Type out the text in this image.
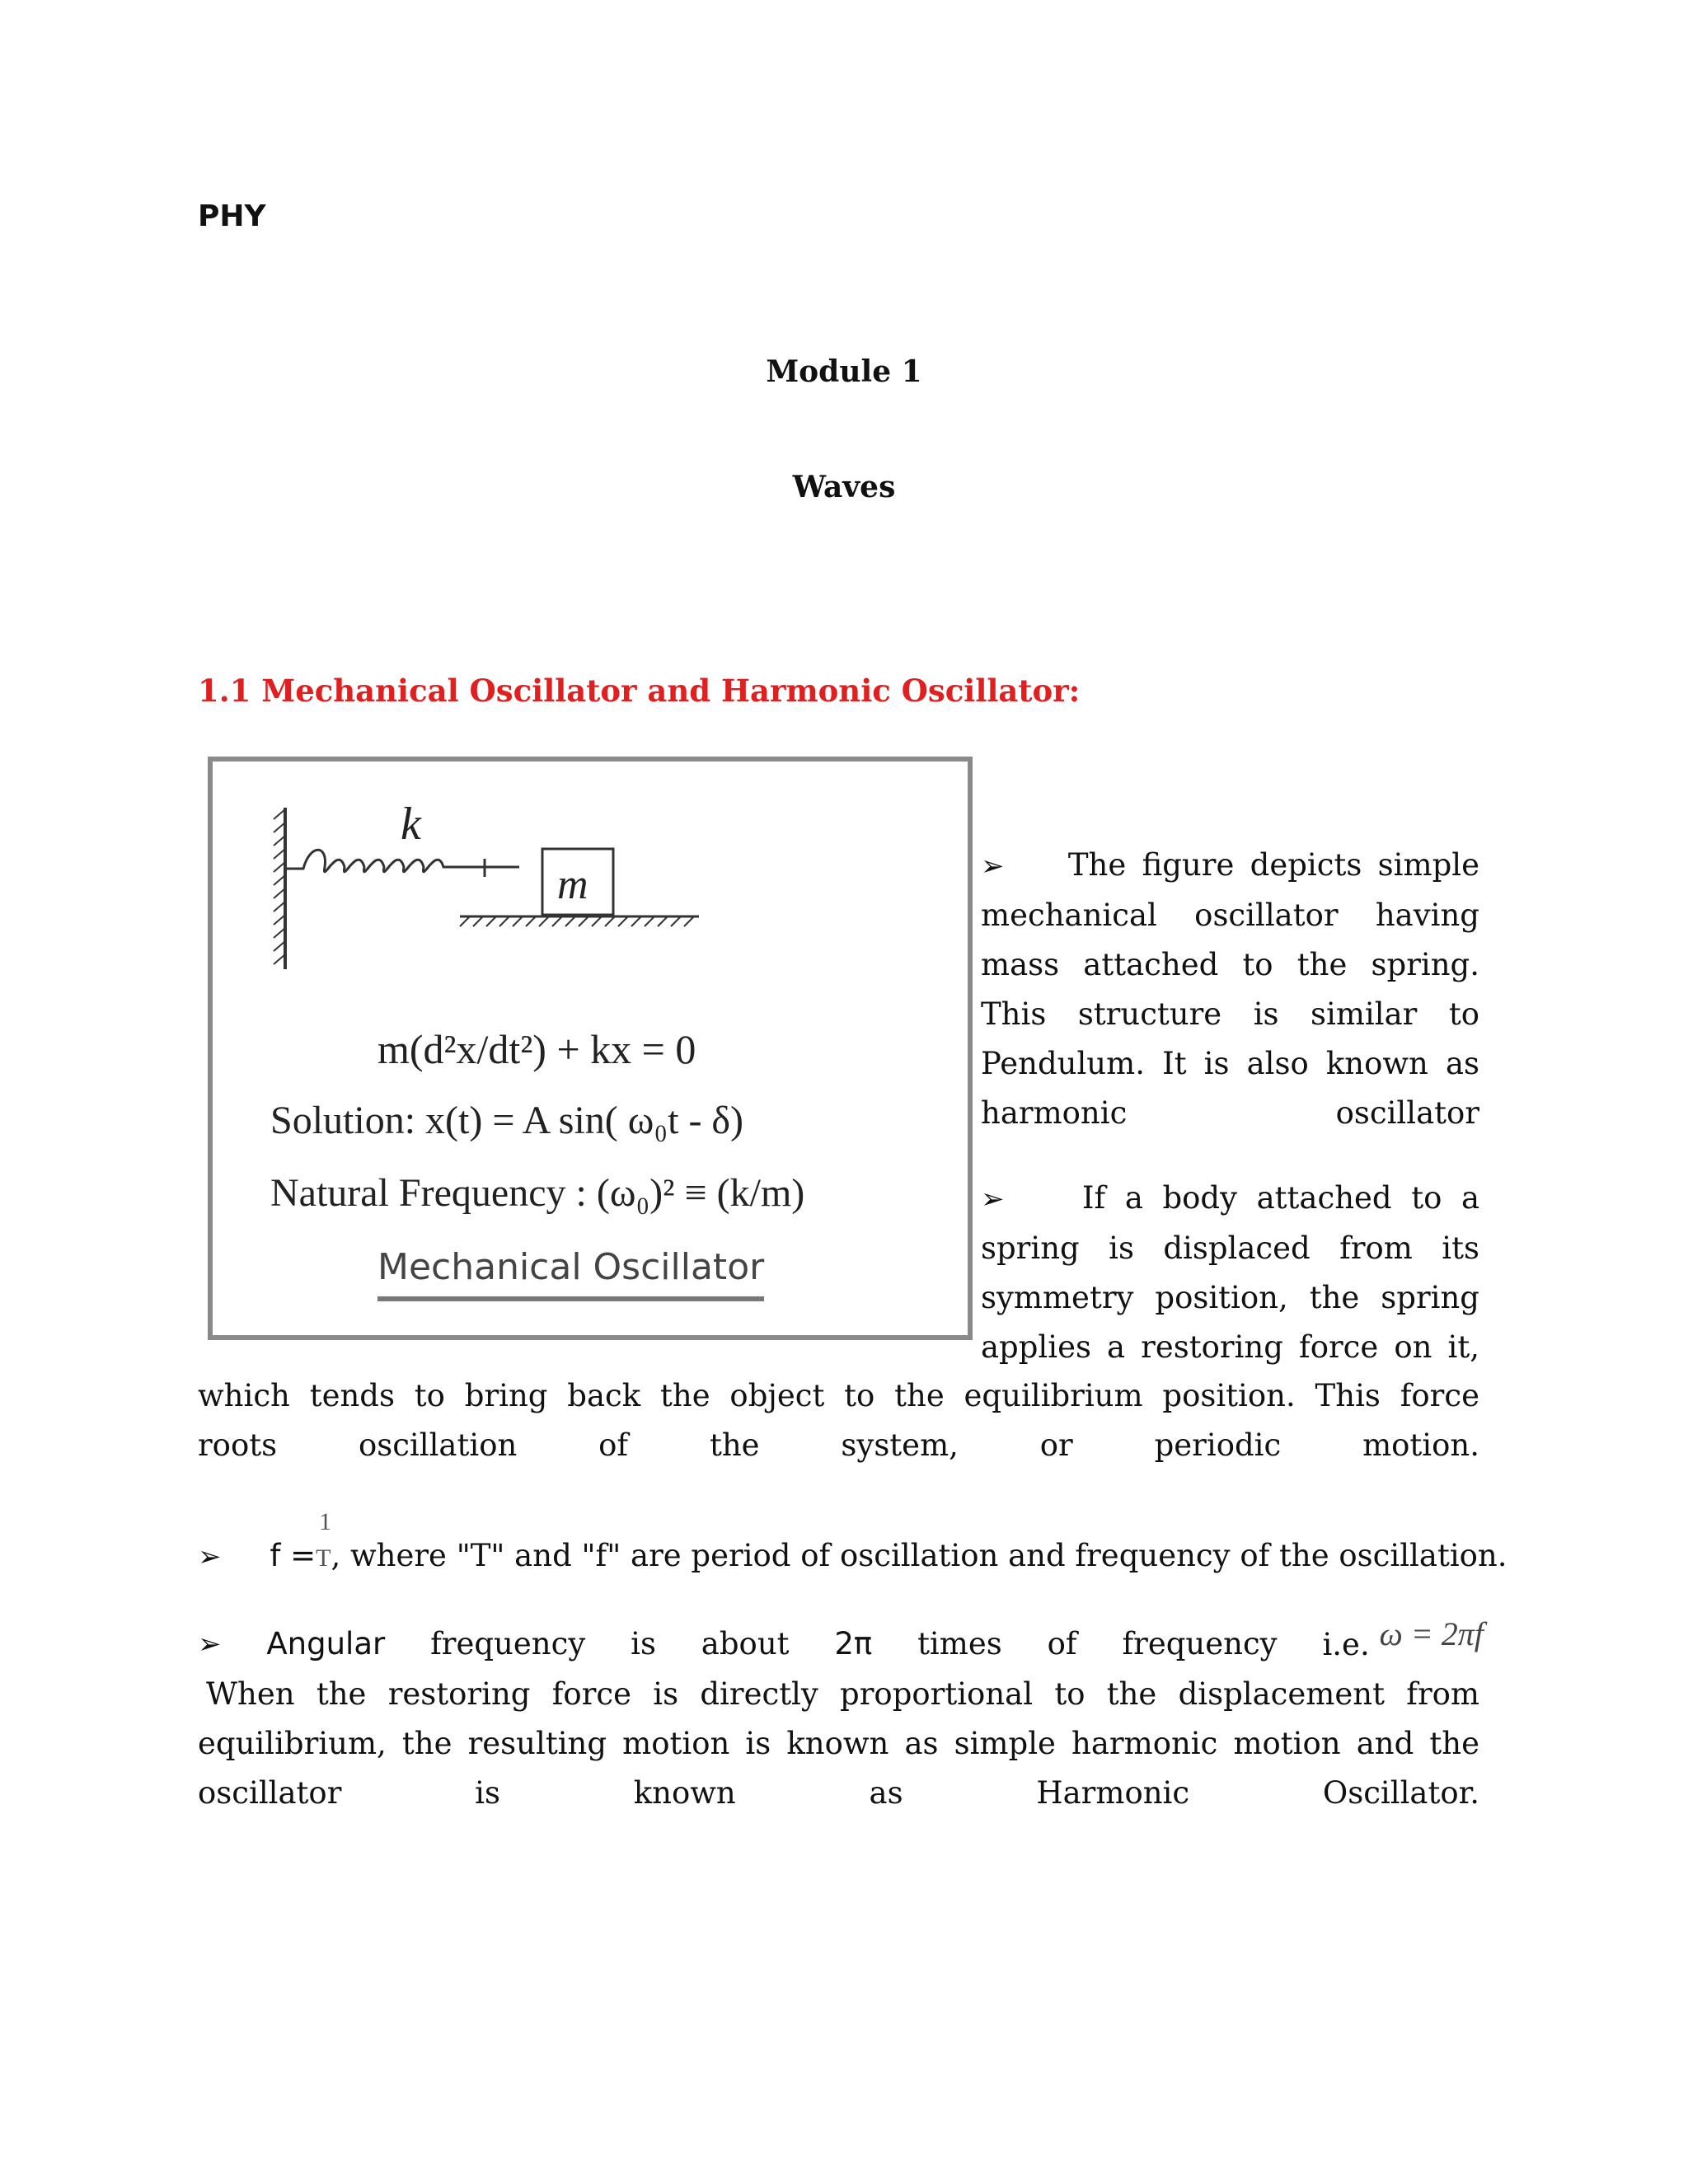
PHY
Module 1
Waves
1.1 Mechanical Oscillator and Harmonic Oscillator:
k
m
m(d²x/dt²) + kx = 0
Solution: x(t) = A sin( ω₀t - δ)
Natural Frequency : (ω₀)² ≡ (k/m)
Mechanical Oscillator

➢ The figure depicts simple mechanical oscillator having mass attached to the spring. This structure is similar to Pendulum. It is also known as harmonic oscillator

➢	If a body attached to a spring is displaced from its symmetry position, the spring applies a restoring force on it,

which tends to bring back the object to the equilibrium position. This force
roots oscillation of the system, or periodic motion.

➢ f =
1
T, where "T" and "f" are period of oscillation and frequency of the oscillation.
➢ Angular frequency is about 2π times of frequency i.e. ω = 2πf

When the restoring force is directly proportional to the displacement from
equilibrium, the resulting motion is known as simple harmonic motion and the
oscillator is known as Harmonic Oscillator.
